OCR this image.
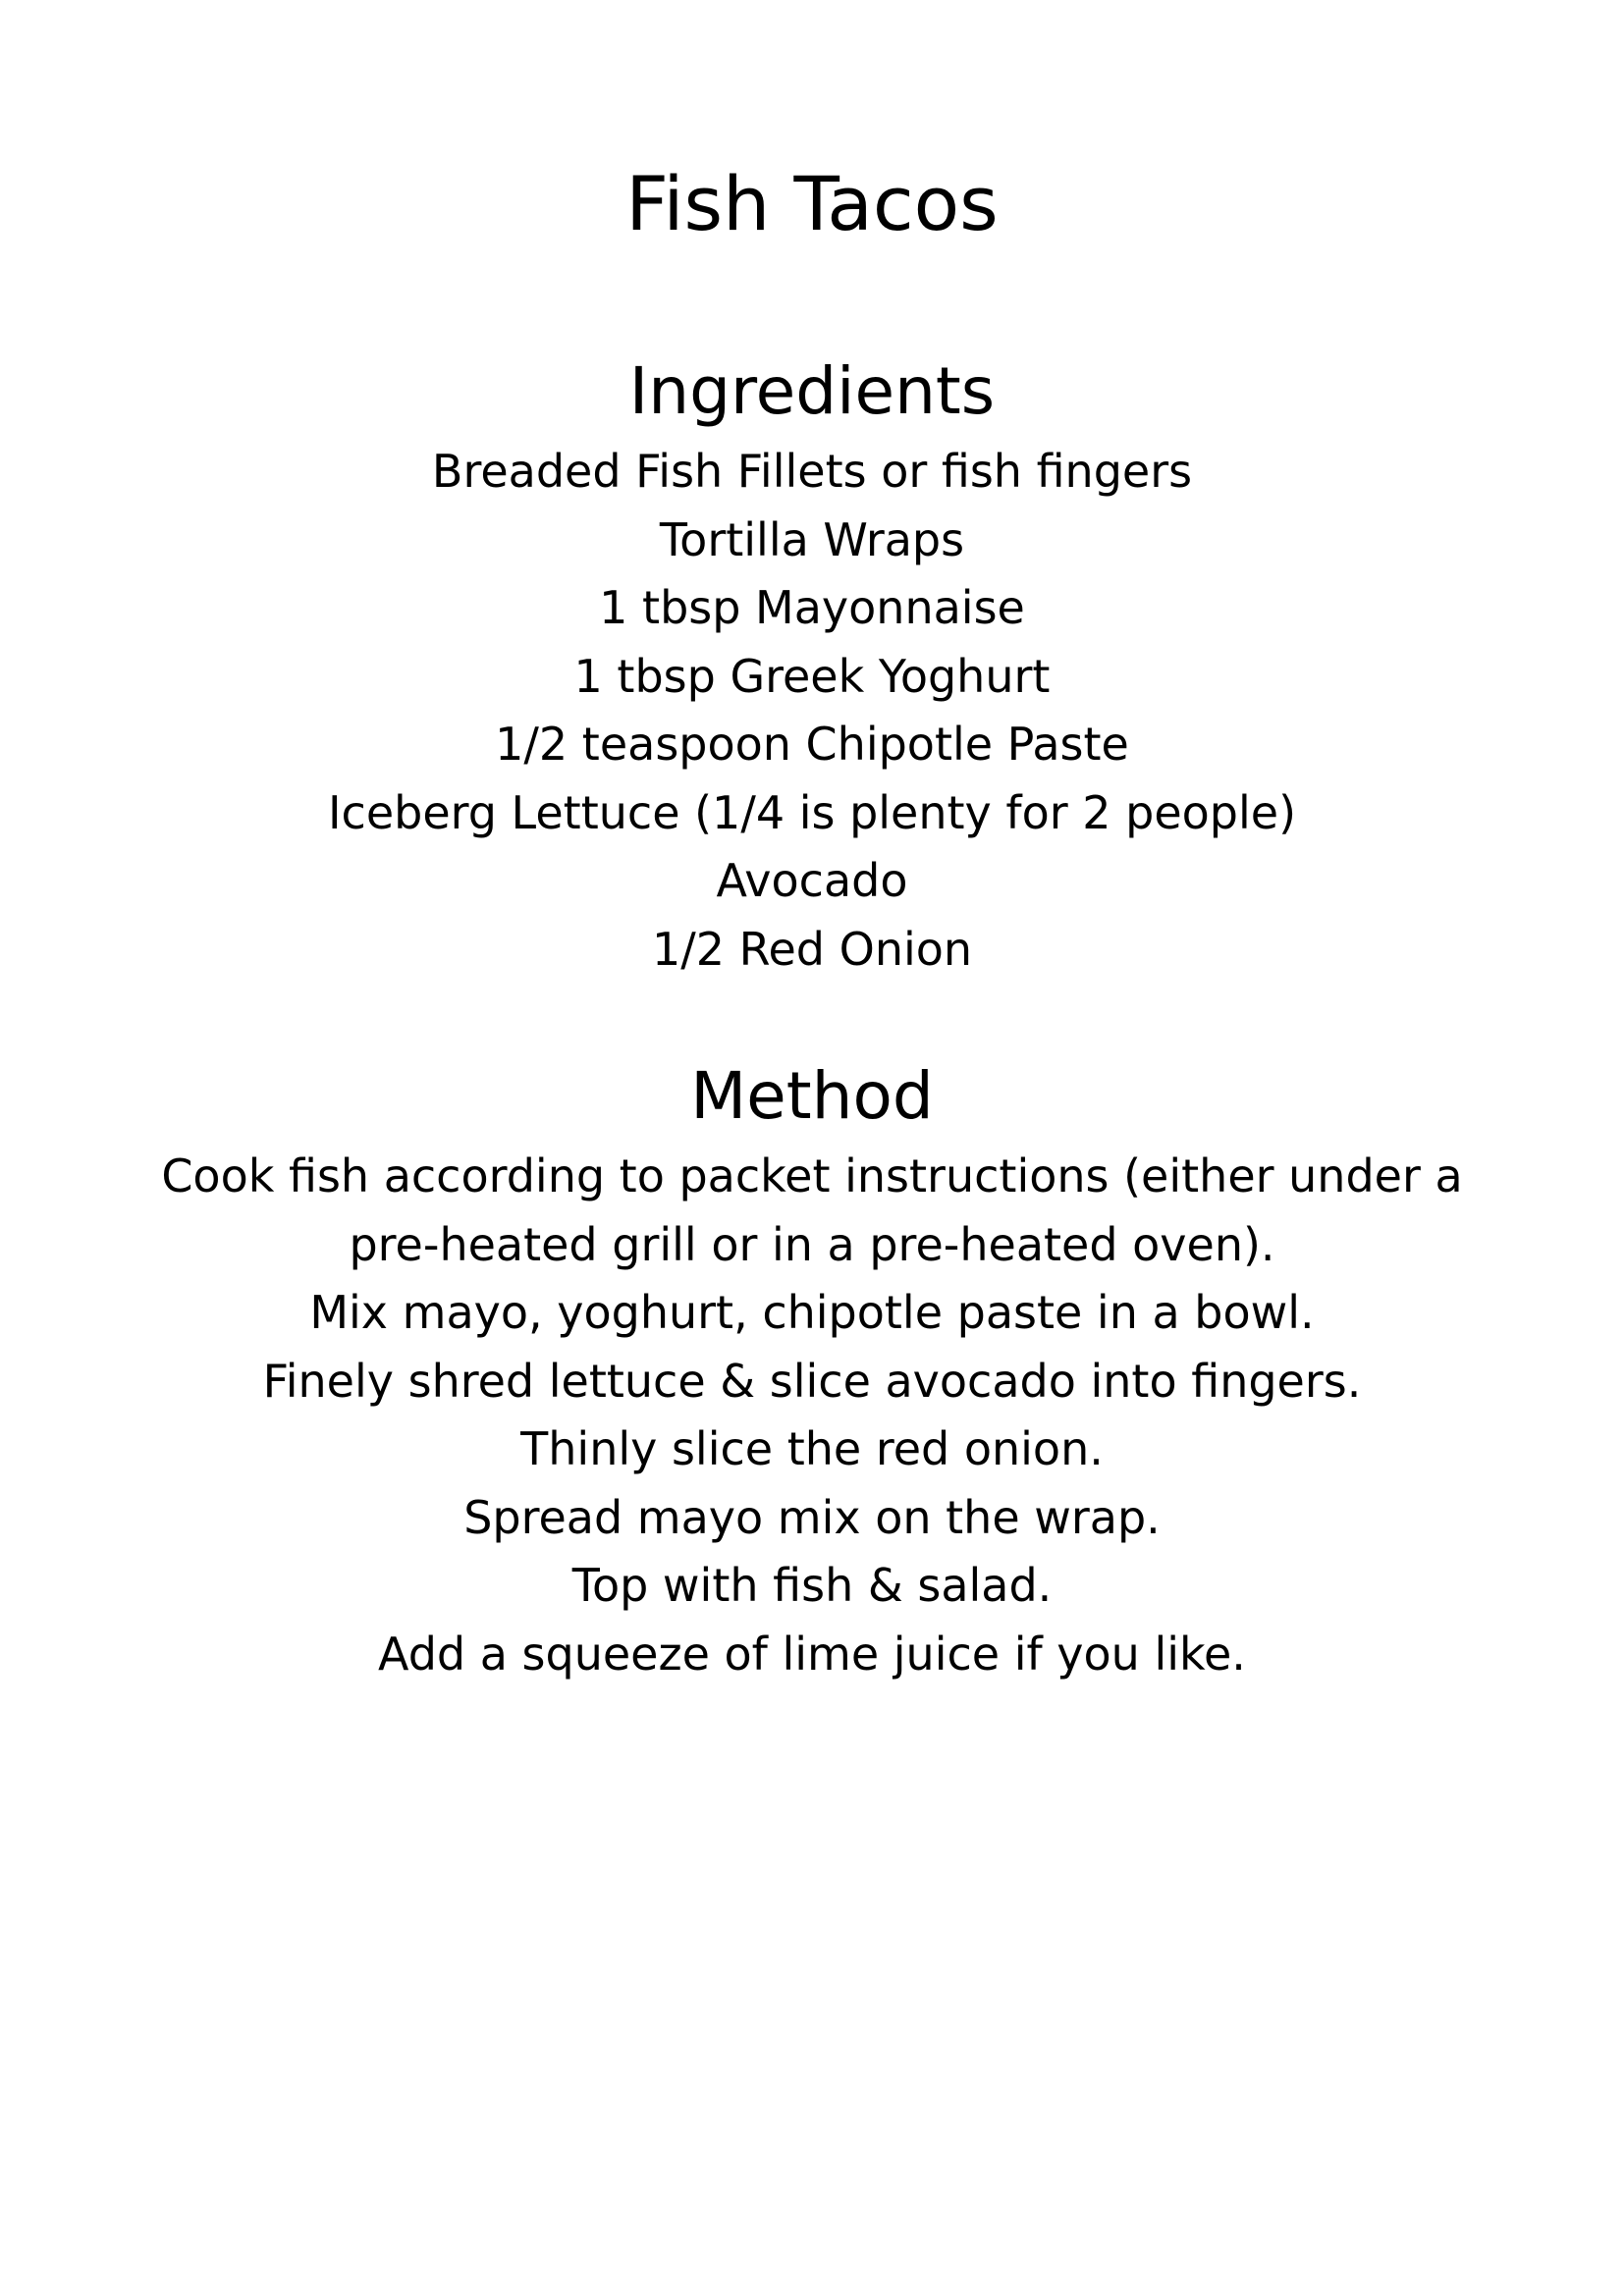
Fish Tacos
Ingredients
Breaded Fish Fillets or fish fingers
Tortilla Wraps
1 tbsp Mayonnaise
1 tbsp Greek Yoghurt
1/2 teaspoon Chipotle Paste
Iceberg Lettuce (1/4 is plenty for 2 people)
Avocado
1/2 Red Onion
Method
Cook fish according to packet instructions (either under a
pre-heated grill or in a pre-heated oven).
Mix mayo, yoghurt, chipotle paste in a bowl.
Finely shred lettuce & slice avocado into fingers.
Thinly slice the red onion.
Spread mayo mix on the wrap.
Top with fish & salad.
Add a squeeze of lime juice if you like.
